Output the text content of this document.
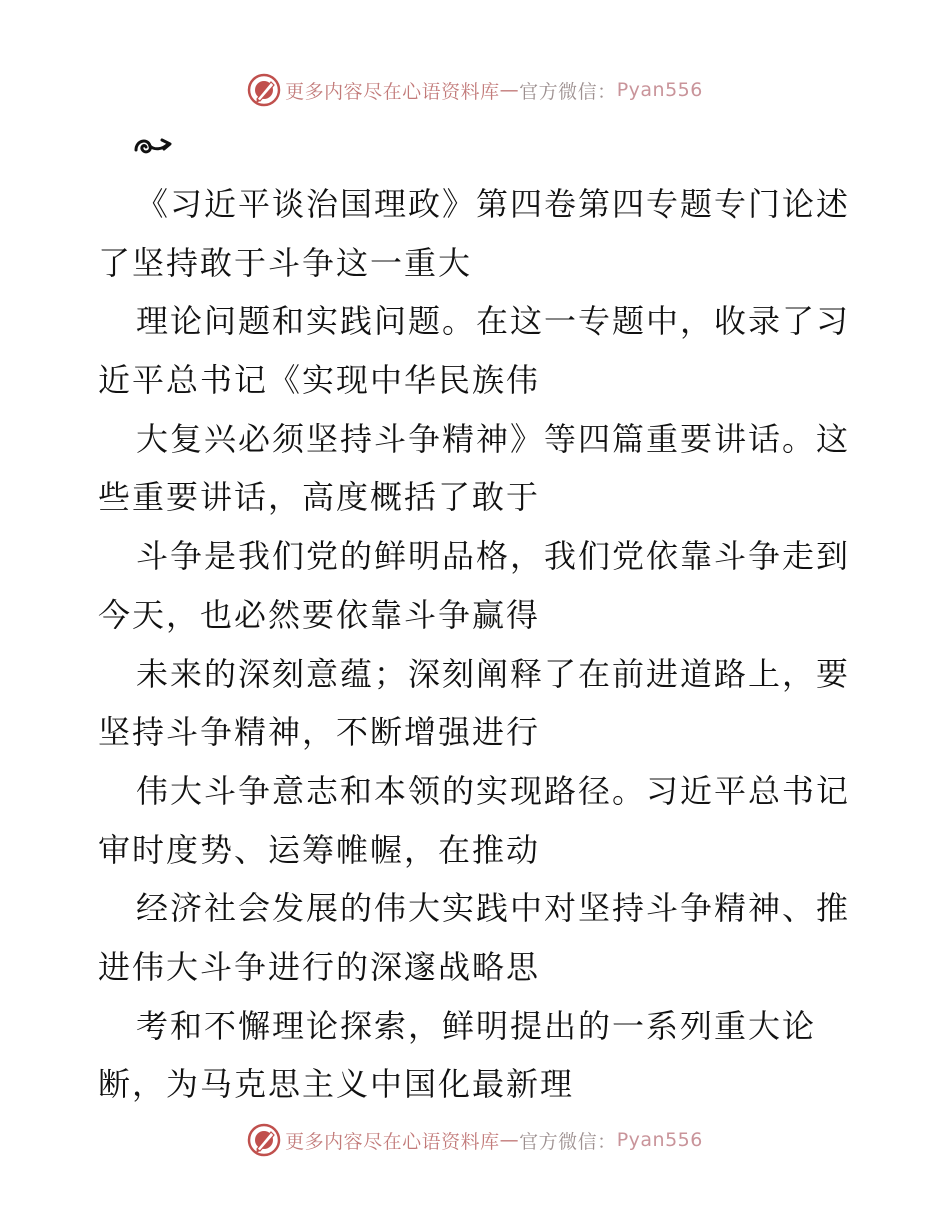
更多内容尽在心语资料库 — 官方微信： Pyan556
《习近平谈治国理政》第四卷第四专题专门论述
了坚持敢于斗争这一重大
理论问题和实践问题。在这一专题中，收录了习
近平总书记《实现中华民族伟
大复兴必须坚持斗争精神》等四篇重要讲话。这
些重要讲话，高度概括了敢于
斗争是我们党的鲜明品格，我们党依靠斗争走到
今天，也必然要依靠斗争赢得
未来的深刻意蕴；深刻阐释了在前进道路上，要
坚持斗争精神，不断增强进行
伟大斗争意志和本领的实现路径。习近平总书记
审时度势、运筹帷幄，在推动
经济社会发展的伟大实践中对坚持斗争精神、推
进伟大斗争进行的深邃战略思
考和不懈理论探索，鲜明提出的一系列重大论
断，为马克思主义中国化最新理
更多内容尽在心语资料库 — 官方微信： Pyan556
